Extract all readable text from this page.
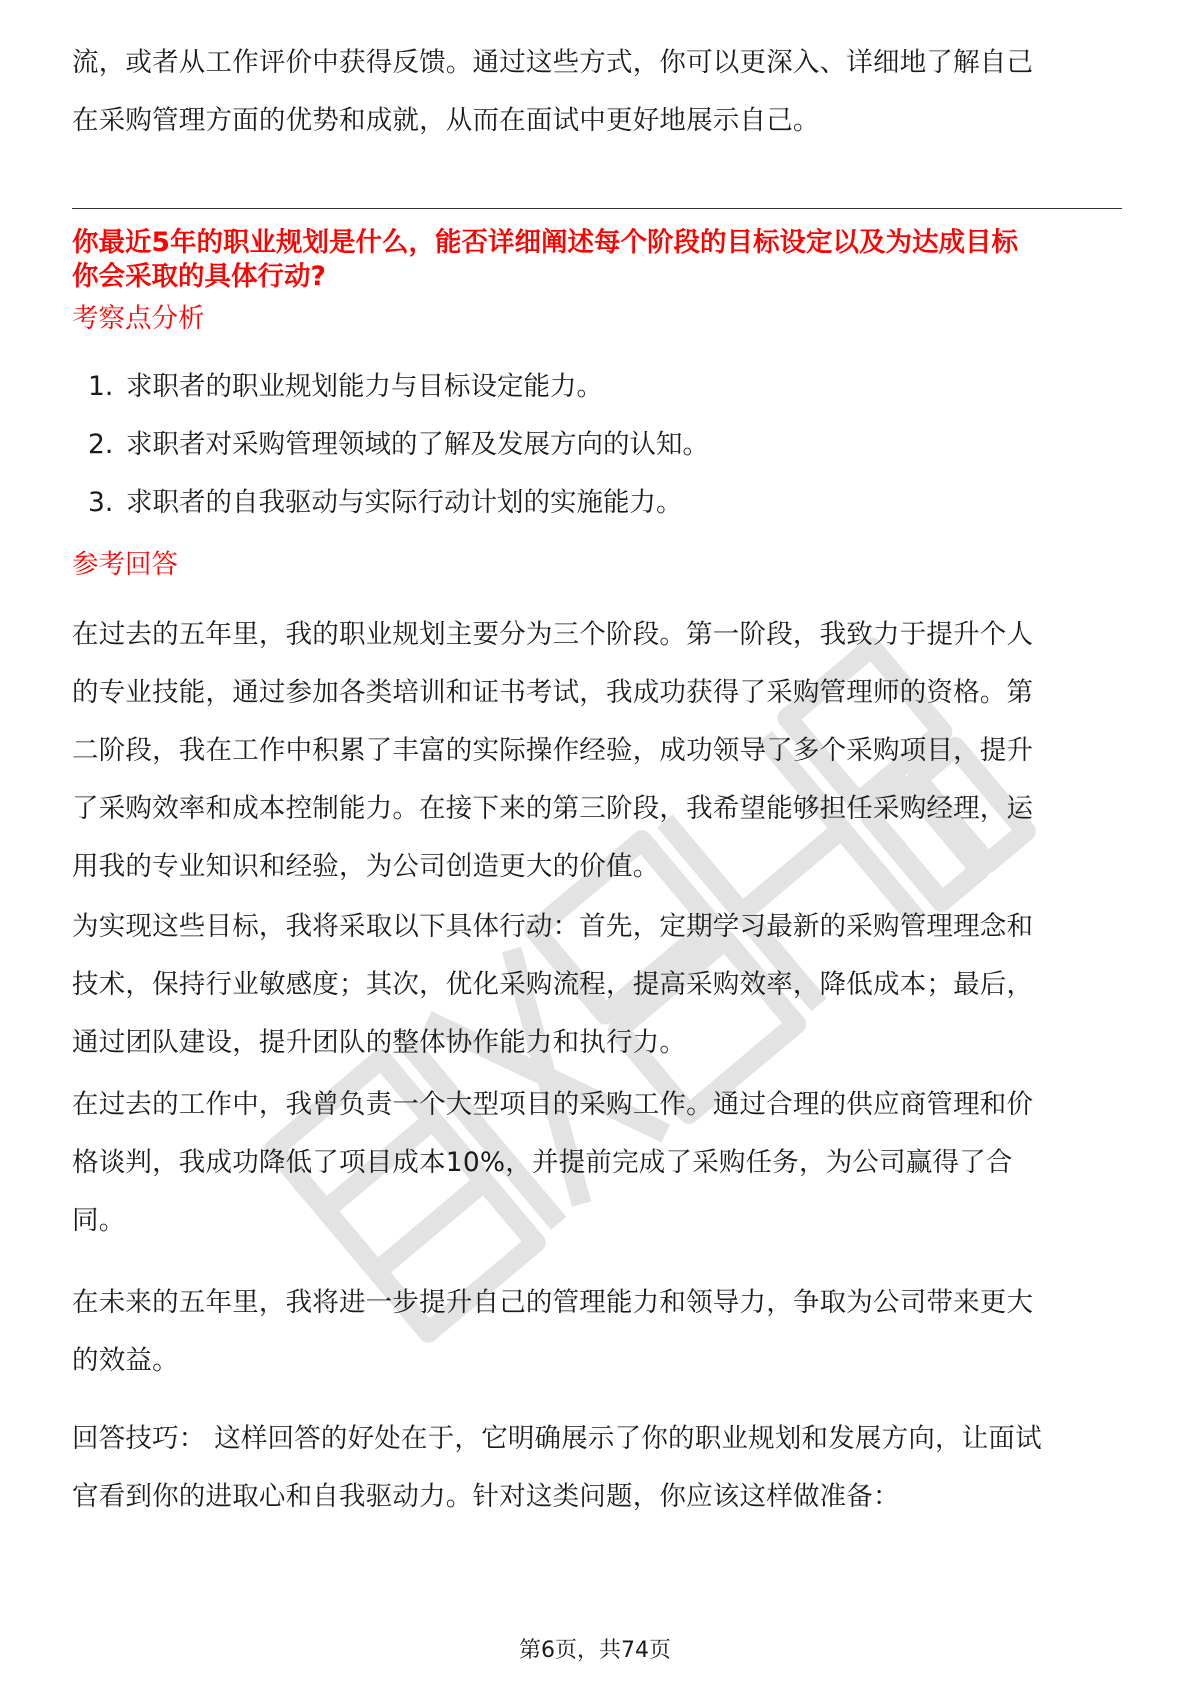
流，或者从工作评价中获得反馈。通过这些方式，你可以更深入、详细地了解自己

在采购管理方面的优势和成就，从而在面试中更好地展示自己。

你最近5年的职业规划是什么，能否详细阐述每个阶段的目标设定以及为达成目标
你会采取的具体行动?
考察点分析
1. 求职者的职业规划能力与目标设定能力。
2. 求职者对采购管理领域的了解及发展方向的认知。
3. 求职者的自我驱动与实际行动计划的实施能力。
参考回答

在过去的五年里，我的职业规划主要分为三个阶段。第一阶段，我致力于提升个人

的专业技能，通过参加各类培训和证书考试，我成功获得了采购管理师的资格。第

二阶段，我在工作中积累了丰富的实际操作经验，成功领导了多个采购项目，提升

了采购效率和成本控制能力。在接下来的第三阶段，我希望能够担任采购经理，运

用我的专业知识和经验，为公司创造更大的价值。

为实现这些目标，我将采取以下具体行动：首先，定期学习最新的采购管理理念和

技术，保持行业敏感度；其次，优化采购流程，提高采购效率，降低成本；最后，

通过团队建设，提升团队的整体协作能力和执行力。

在过去的工作中，我曾负责一个大型项目的采购工作。通过合理的供应商管理和价

格谈判，我成功降低了项目成本10%，并提前完成了采购任务，为公司赢得了合

同。

在未来的五年里，我将进一步提升自己的管理能力和领导力，争取为公司带来更大

的效益。

回答技巧： 这样回答的好处在于，它明确展示了你的职业规划和发展方向，让面试

官看到你的进取心和自我驱动力。针对这类问题，你应该这样做准备：

第6页，共74页
